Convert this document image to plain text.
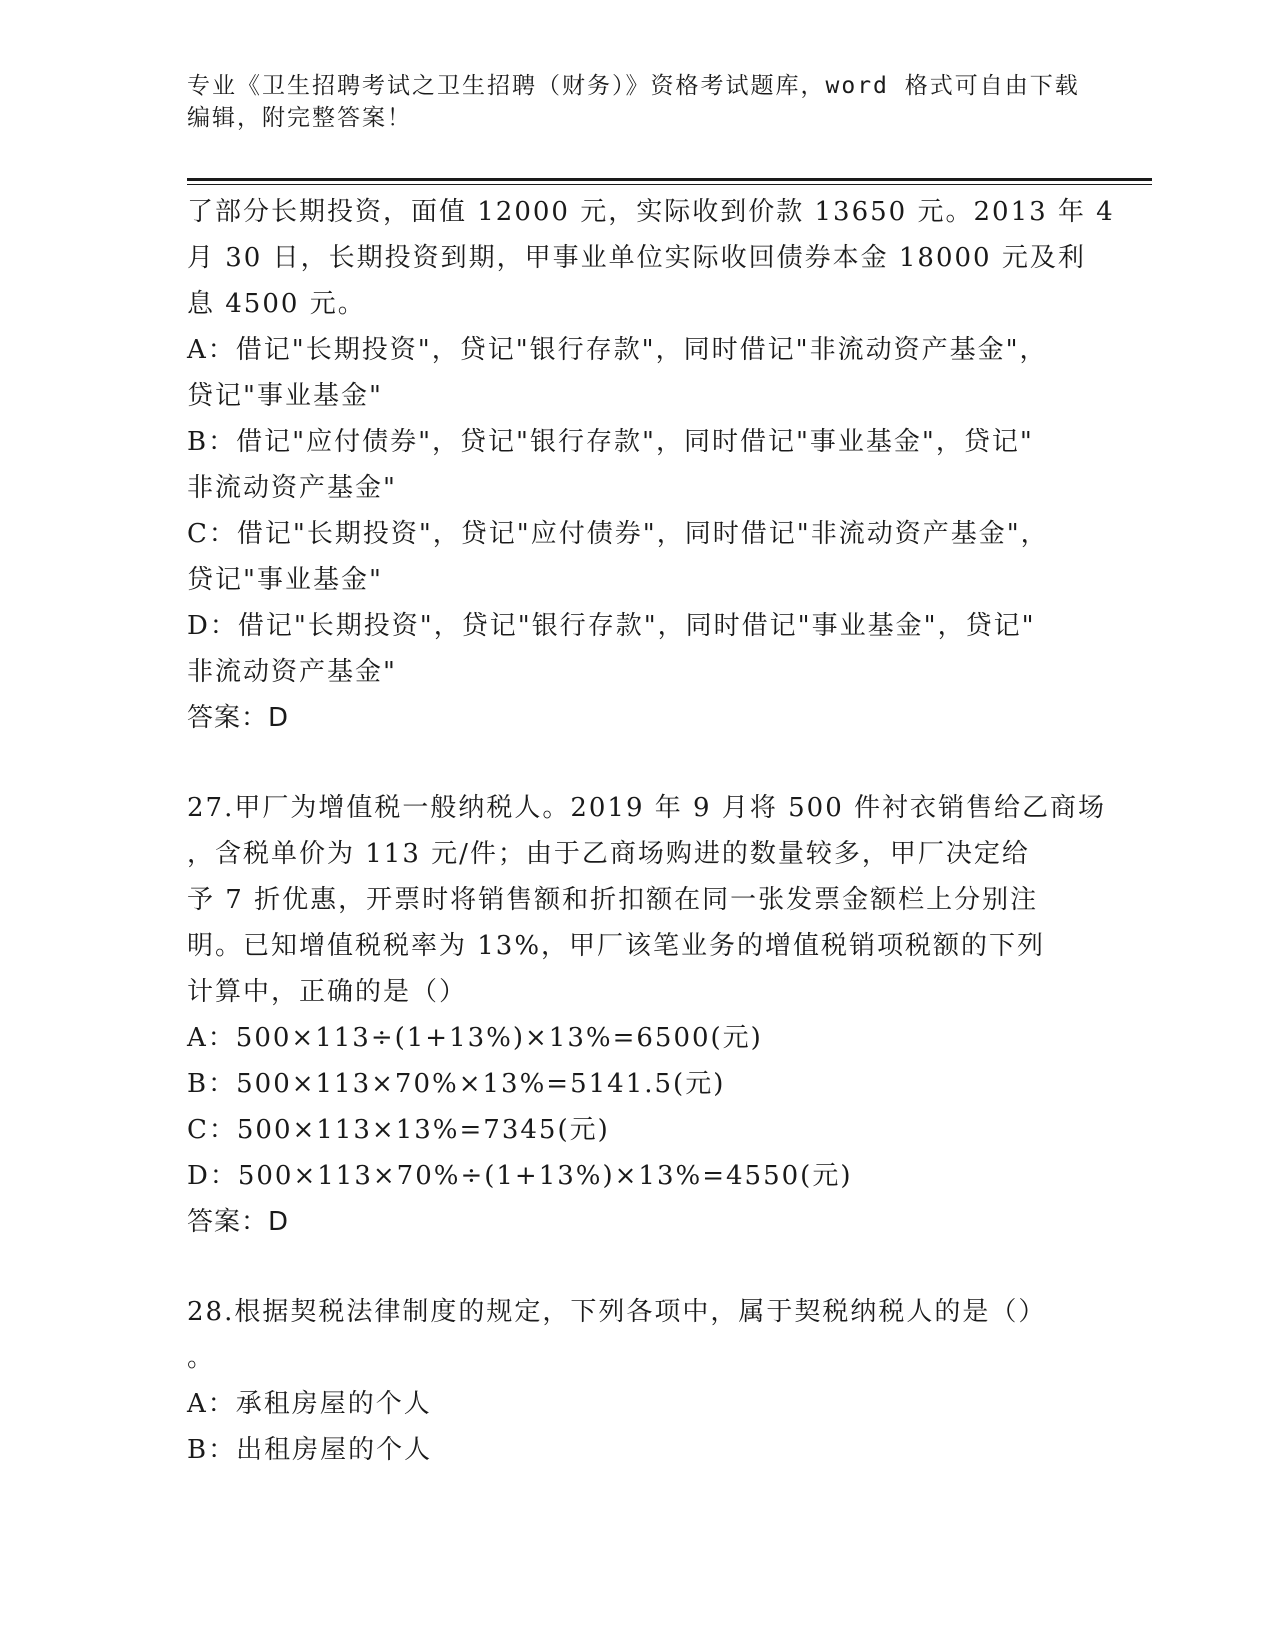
专业《卫生招聘考试之卫生招聘（财务）》资格考试题库，word 格式可自由下载
编辑，附完整答案！
了部分长期投资，面值 12000 元，实际收到价款 13650 元。2013 年 4
月 30 日，长期投资到期，甲事业单位实际收回债券本金 18000 元及利
息 4500 元。
A：借记"长期投资"，贷记"银行存款"，同时借记"非流动资产基金"，
贷记"事业基金"
B：借记"应付债券"，贷记"银行存款"，同时借记"事业基金"，贷记"
非流动资产基金"
C：借记"长期投资"，贷记"应付债券"，同时借记"非流动资产基金"，
贷记"事业基金"
D：借记"长期投资"，贷记"银行存款"，同时借记"事业基金"，贷记"
非流动资产基金"
答案：D
27.甲厂为增值税一般纳税人。2019 年 9 月将 500 件衬衣销售给乙商场
，含税单价为 113 元/件；由于乙商场购进的数量较多，甲厂决定给
予 7 折优惠，开票时将销售额和折扣额在同一张发票金额栏上分别注
明。已知增值税税率为 13%，甲厂该笔业务的增值税销项税额的下列
计算中，正确的是（）
A：500×113÷(1+13%)×13%=6500(元)
B：500×113×70%×13%=5141.5(元)
C：500×113×13%=7345(元)
D：500×113×70%÷(1+13%)×13%=4550(元)
答案：D
28.根据契税法律制度的规定，下列各项中，属于契税纳税人的是（）
。
A：承租房屋的个人
B：出租房屋的个人
